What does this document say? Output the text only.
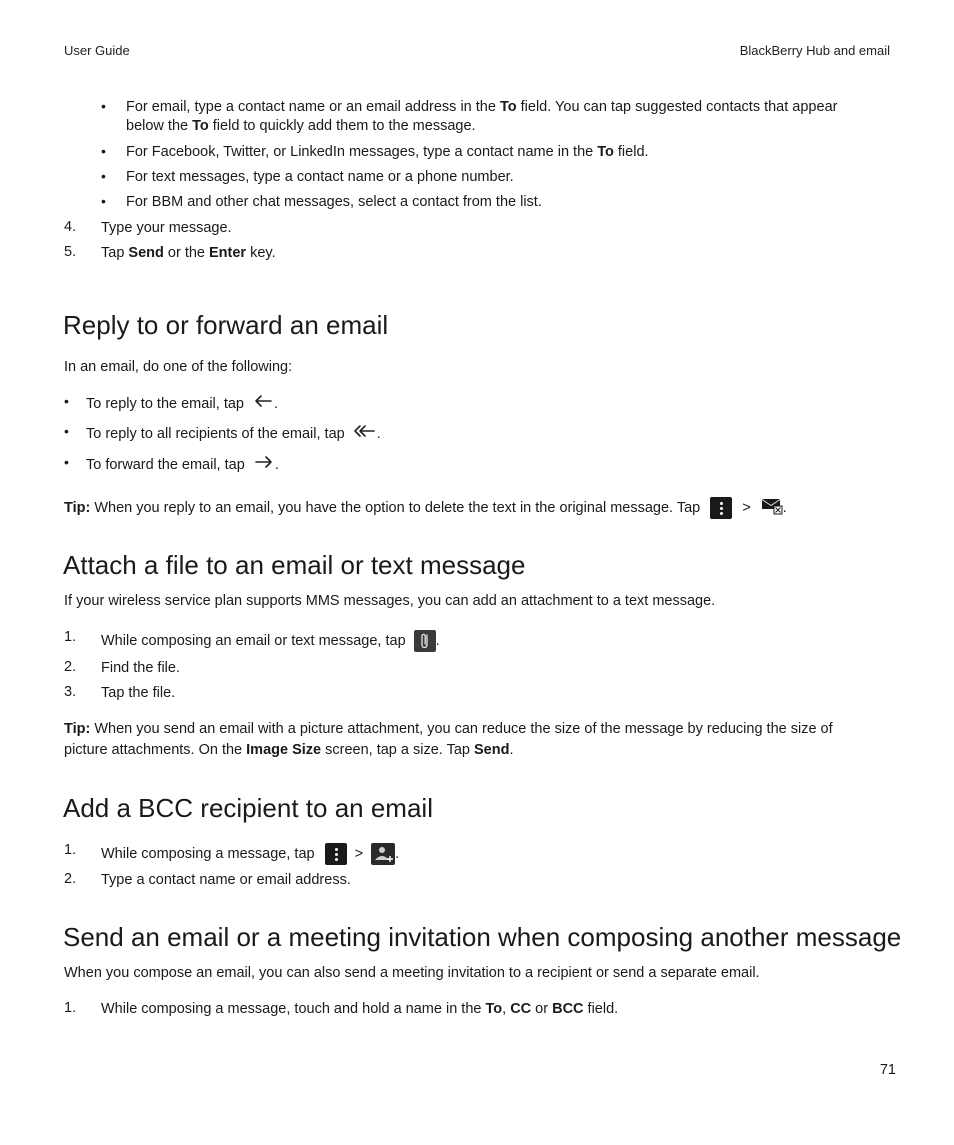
User Guide	BlackBerry Hub and email
• For email, type a contact name or an email address in the To field. You can tap suggested contacts that appear
below the To field to quickly add them to the message.
• For Facebook, Twitter, or LinkedIn messages, type a contact name in the To field.
• For text messages, type a contact name or a phone number.
• For BBM and other chat messages, select a contact from the list.
4. Type your message.
5. Tap Send or the Enter key.
Reply to or forward an email
In an email, do one of the following:
• To reply to the email, tap .
• To reply to all recipients of the email, tap .
• To forward the email, tap .
Tip: When you reply to an email, you have the option to delete the text in the original message. Tap	> .
Attach a file to an email or text message
If your wireless service plan supports MMS messages, you can add an attachment to a text message.
1. While composing an email or text message, tap .
2. Find the file.
3. Tap the file.
Tip: When you send an email with a picture attachment, you can reduce the size of the message by reducing the size of
picture attachments. On the Image Size screen, tap a size. Tap Send.
Add a BCC recipient to an email
1. While composing a message, tap	> .
2. Type a contact name or email address.
Send an email or a meeting invitation when composing another message
When you compose an email, you can also send a meeting invitation to a recipient or send a separate email.
1. While composing a message, touch and hold a name in the To, CC or BCC field.
71
